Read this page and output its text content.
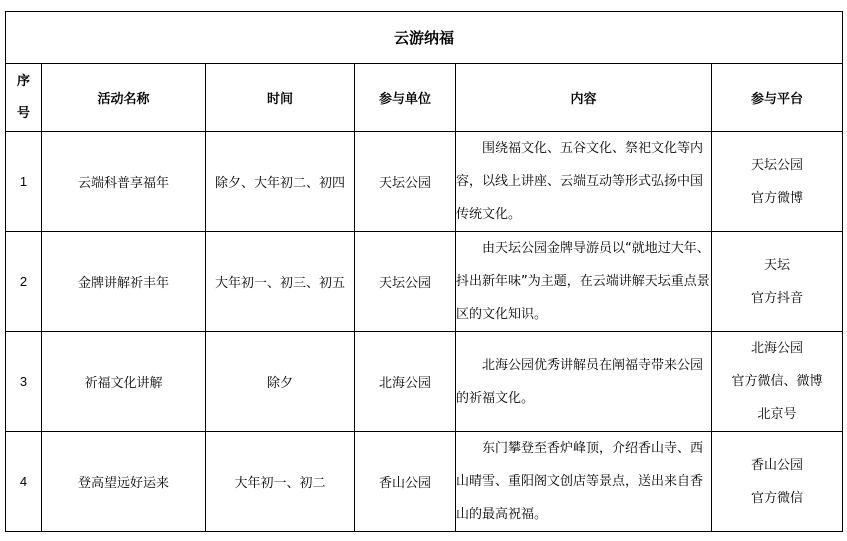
云游纳福					

序
号	活动名称	时间	参与单位	内容	参与平台
1	云端科普享福年	除夕、大年初二、初四	天坛公园	围绕福文化、五谷文化、祭祀文化等内容，以线上讲座、云端互动等形式弘扬中国传统文化。	天坛公园
官方微博

2	金牌讲解祈丰年	大年初一、初三、初五	天坛公园	由天坛公园金牌导游员以“就地过大年、抖出新年味”为主题，在云端讲解天坛重点景区的文化知识。	天坛
官方抖音

3	祈福文化讲解	除夕	北海公园	北海公园优秀讲解员在阐福寺带来公园的祈福文化。	北海公园
官方微信、微博
北京号

4	登高望远好运来	大年初一、初二	香山公园	东门攀登至香炉峰顶，介绍香山寺、西山晴雪、重阳阁文创店等景点，送出来自香山的最高祝福。	香山公园
官方微信
